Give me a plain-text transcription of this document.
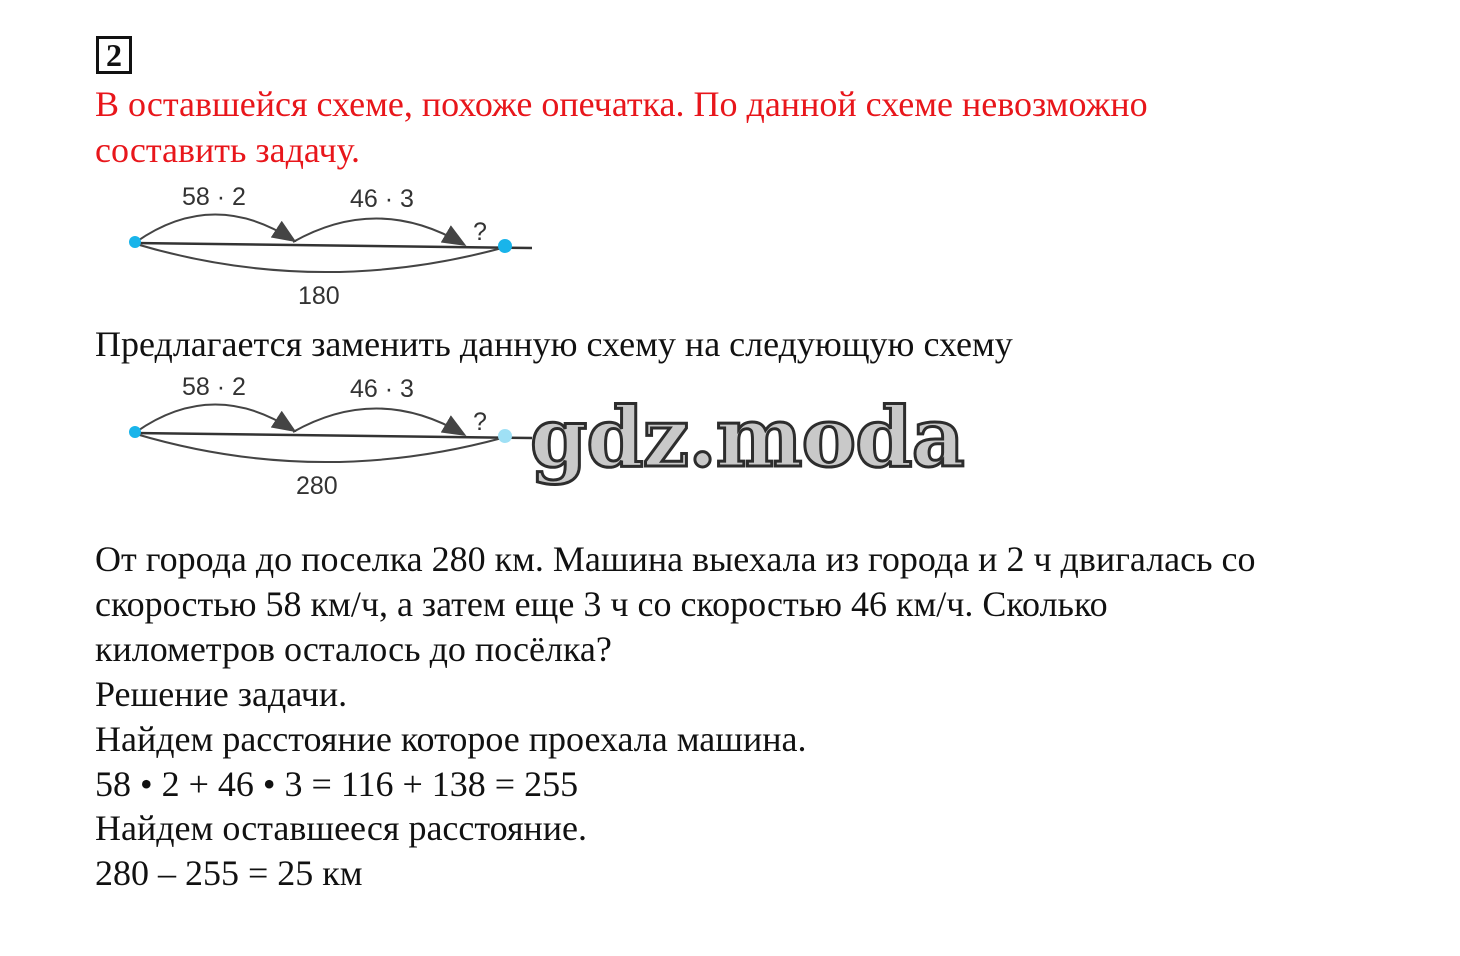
2
В оставшейся схеме, похоже опечатка. По данной схеме невозможно
составить задачу.
58 · 2	46 · 3
?
180
Предлагается заменить данную схему на следующую схему
58 · 2	46 · 3
?
280 gdz.moda
От города до поселка 280 км. Машина выехала из города и 2 ч двигалась со
скоростью 58 км/ч, а затем еще 3 ч со скоростью 46 км/ч. Сколько
километров осталось до посёлка?
Решение задачи.
Найдем расстояние которое проехала машина.
58 • 2 + 46 • 3 = 116 + 138 = 255
Найдем оставшееся расстояние.
280 – 255 = 25 км
